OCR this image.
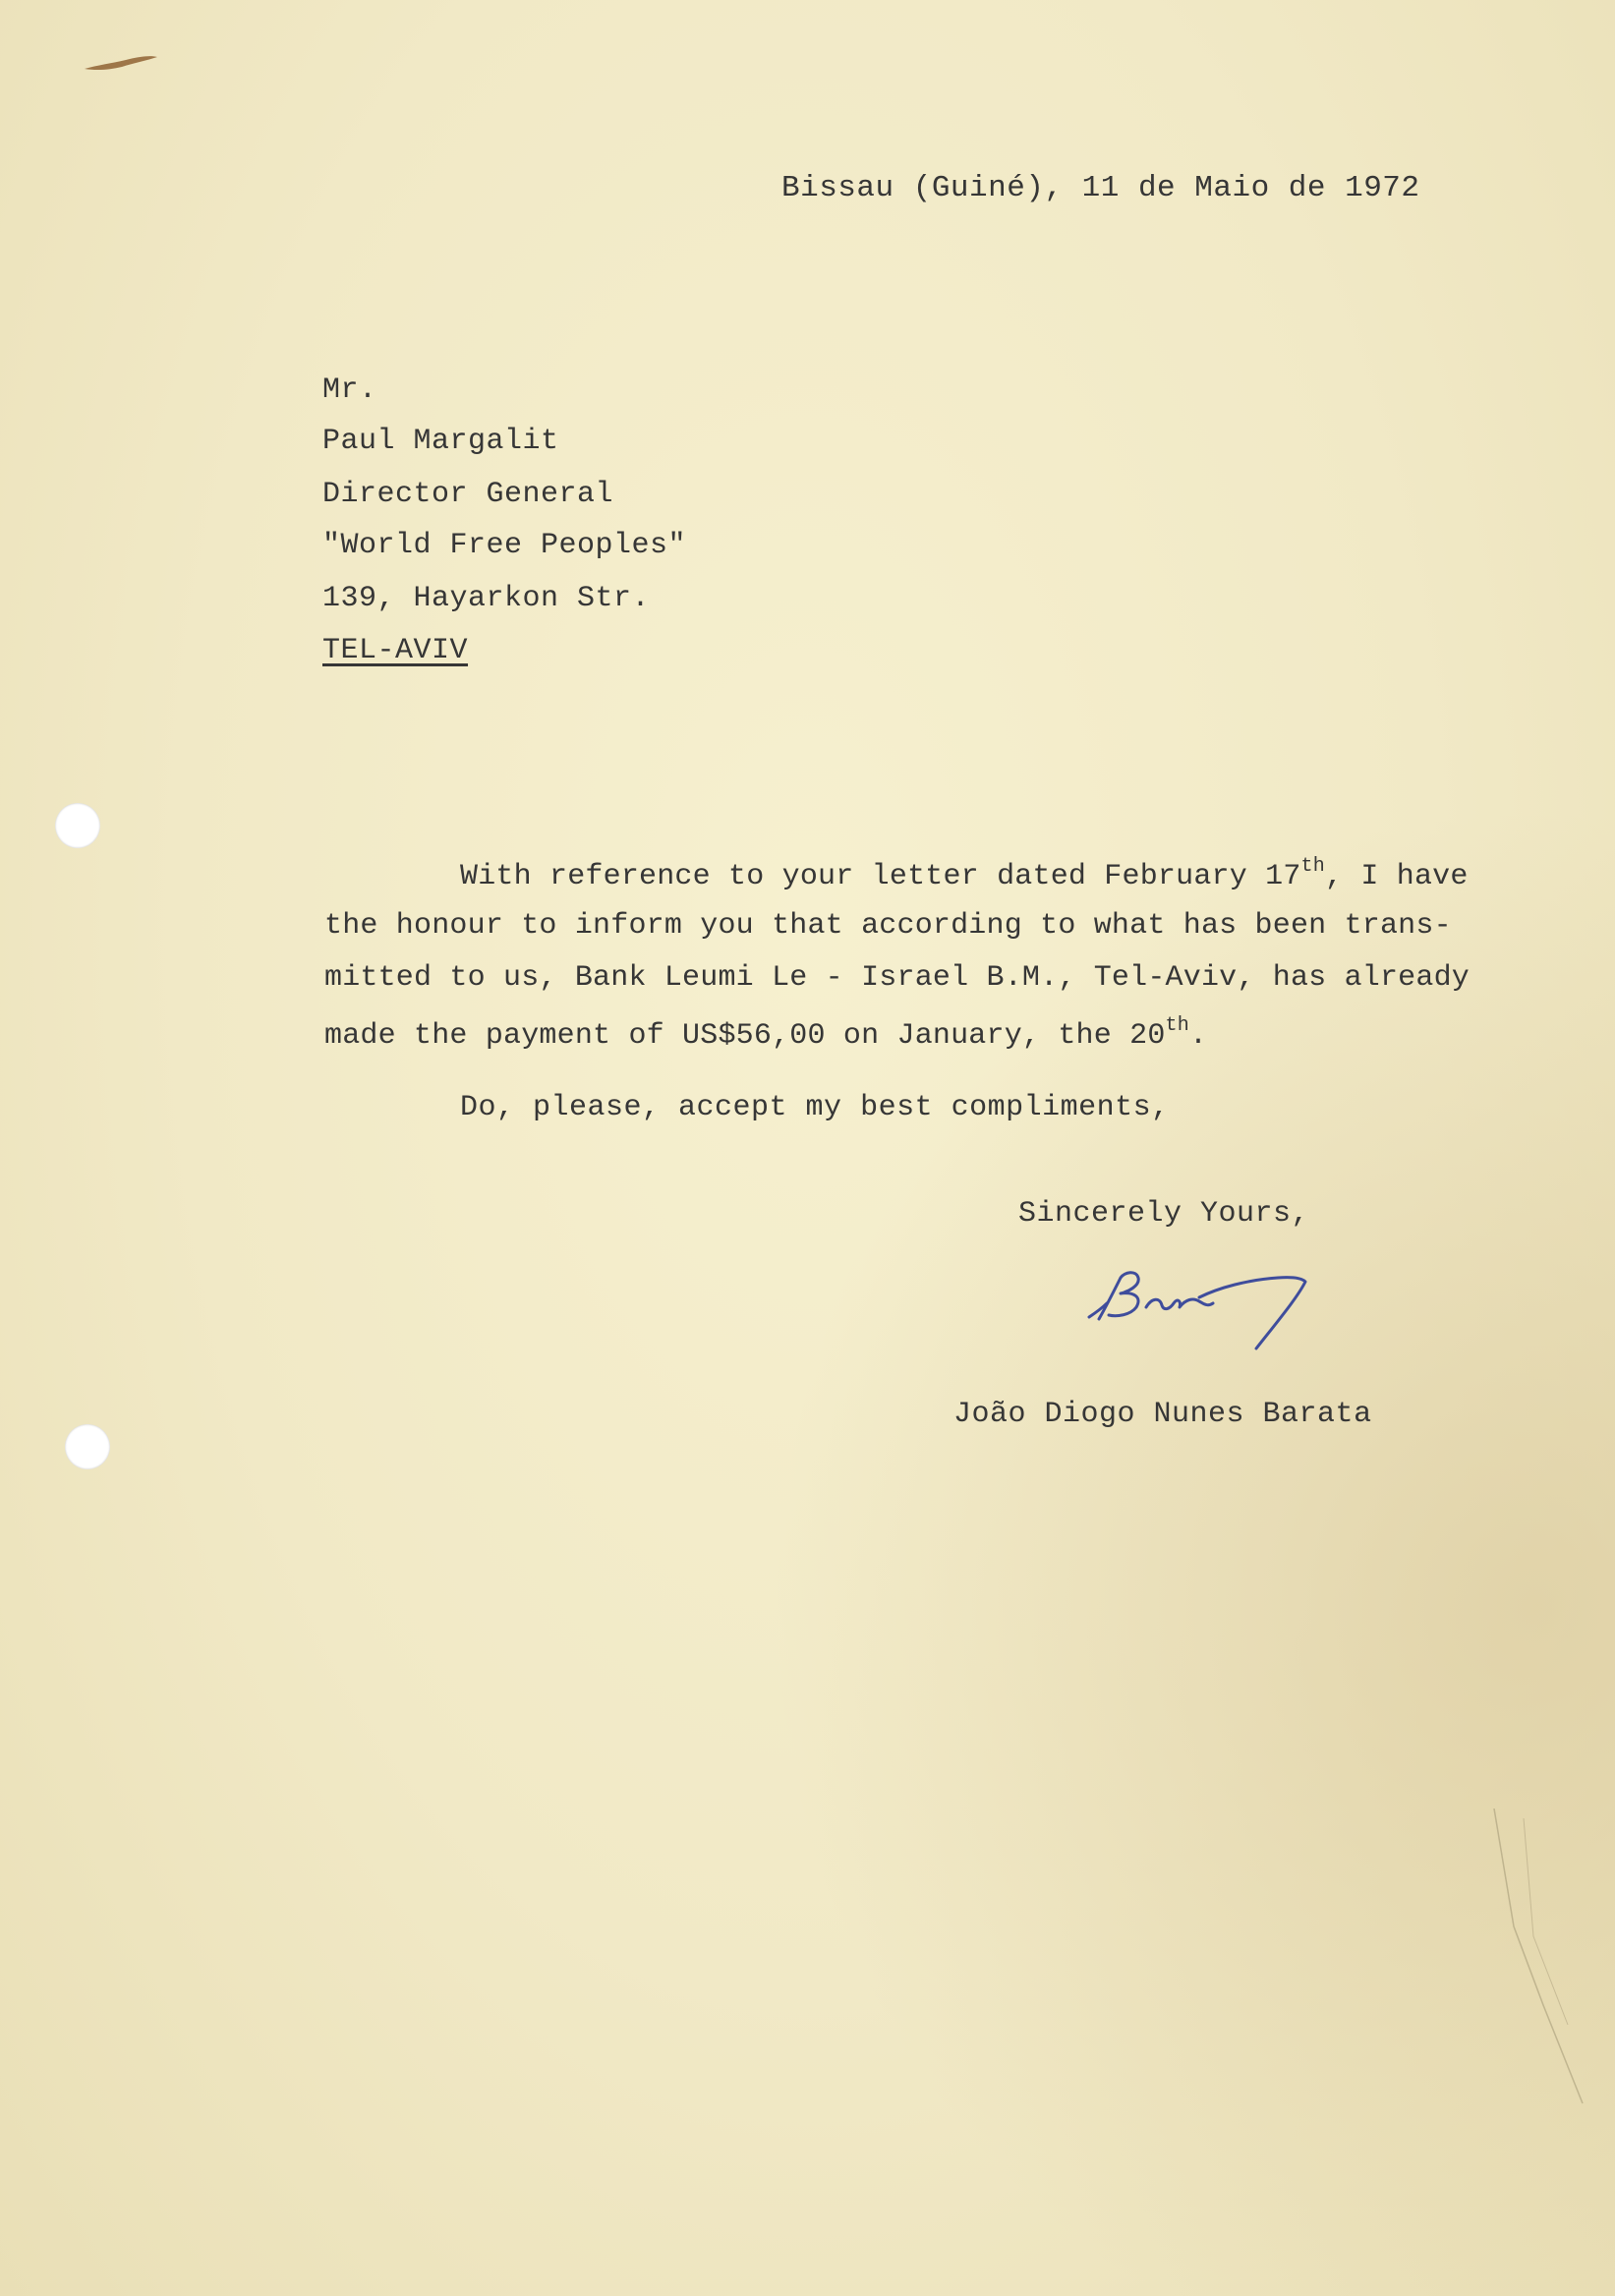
Bissau (Guiné), 11 de Maio de 1972
Mr.
Paul Margalit
Director General
"World Free Peoples"
139, Hayarkon Str.
TEL-AVIV
With reference to your letter dated February 17th, I have
the honour to inform you that according to what has been trans-
mitted to us, Bank Leumi Le - Israel B.M., Tel-Aviv, has already
made the payment of US$56,00 on January, the 20th.
Do, please, accept my best compliments,
Sincerely Yours,
João Diogo Nunes Barata
